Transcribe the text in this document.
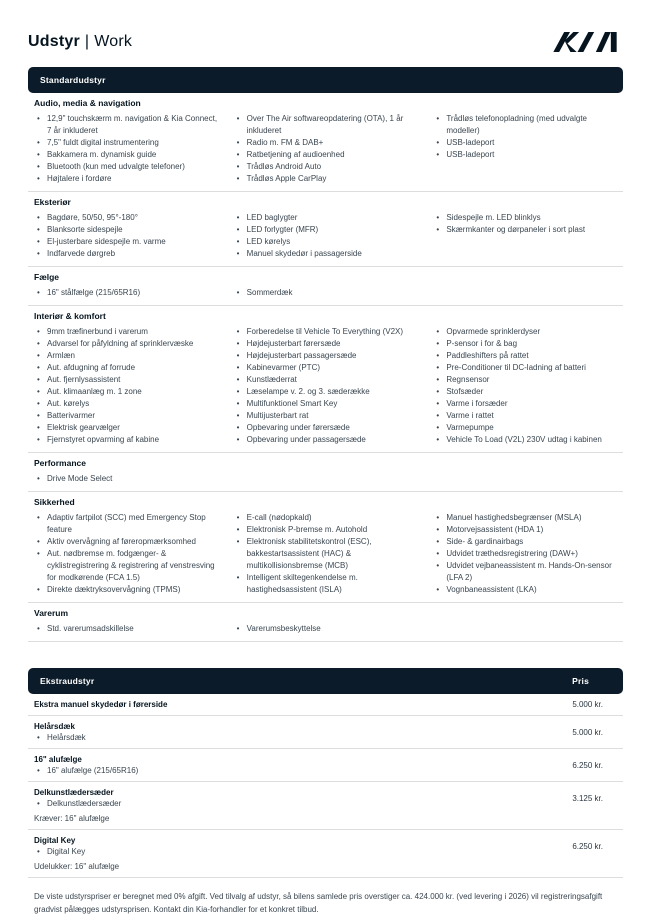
Udstyr | Work
Standardudstyr
Audio, media & navigation
• 12,9" touchskærm m. navigation & Kia Connect, 7 år inkluderet
• 7,5" fuldt digital instrumentering
• Bakkamera m. dynamisk guide
• Bluetooth (kun med udvalgte telefoner)
• Højtalere i fordøre
• Over The Air softwareopdatering (OTA), 1 år inkluderet
• Radio m. FM & DAB+
• Ratbetjening af audioenhed
• Trådløs Android Auto
• Trådløs Apple CarPlay
• Trådløs telefonopladning (med udvalgte modeller)
• USB-ladeport
• USB-ladeport
Eksteriør
• Bagdøre, 50/50, 95°-180°
• Blanksorte sidespejle
• El-justerbare sidespejle m. varme
• Indfarvede dørgreb
• LED baglygter
• LED forlygter (MFR)
• LED kørelys
• Manuel skydedør i passagerside
• Sidespejle m. LED blinklys
• Skærmkanter og dørpaneler i sort plast
Fælge
• 16" stålfælge (215/65R16)	• Sommerdæk
Interiør & komfort
• 9mm træfinerbund i varerum
• Advarsel for påfyldning af sprinklervæske
• Armlæn
• Aut. afdugning af forrude
• Aut. fjernlysassistent
• Aut. klimaanlæg m. 1 zone
• Aut. kørelys
• Batterivarmer
• Elektrisk gearvælger
• Fjernstyret opvarming af kabine
• Forberedelse til Vehicle To Everything (V2X)
• Højdejusterbart førersæde
• Højdejusterbart passagersæde
• Kabinevarmer (PTC)
• Kunstlæderrat
• Læselampe v. 2. og 3. sæderække
• Multifunktionel Smart Key
• Multijusterbart rat
• Opbevaring under førersæde
• Opbevaring under passagersæde
• Opvarmede sprinklerdyser
• P-sensor i for & bag
• Paddleshifters på rattet
• Pre-Conditioner til DC-ladning af batteri
• Regnsensor
• Stofsæder
• Varme i forsæder
• Varme i rattet
• Varmepumpe
• Vehicle To Load (V2L) 230V udtag i kabinen
Performance
• Drive Mode Select
Sikkerhed
• Adaptiv fartpilot (SCC) med Emergency Stop feature
• Aktiv overvågning af føreropmærksomhed
• Aut. nødbremse m. fodgænger- & cyklistregistrering & registrering af venstresving for modkørende (FCA 1.5)
• Direkte dæktryksovervågning (TPMS)
• E-call (nødopkald)
• Elektronisk P-bremse m. Autohold
• Elektronisk stabilitetskontrol (ESC), bakkestartsassistent (HAC) & multikollisionsbremse (MCB)
• Intelligent skiltegenkendelse m. hastighedsassistent (ISLA)
• Manuel hastighedsbegrænser (MSLA)
• Motorvejsassistent (HDA 1)
• Side- & gardinairbags
• Udvidet træthedsregistrering (DAW+)
• Udvidet vejbaneassistent m. Hands-On-sensor (LFA 2)
• Vognbaneassistent (LKA)
Varerum
• Std. varerumsadskillelse	• Varerumsbeskyttelse
Ekstraudstyr	Pris
Ekstra manuel skydedør i førerside	5.000 kr.
Helårsdæk
• Helårsdæk
5.000 kr.
16" alufælge
• 16" alufælge (215/65R16)
6.250 kr.
Delkunstlædersæder
• Delkunstlædersæder
3.125 kr.
Kræver: 16" alufælge
Digital Key
• Digital Key
6.250 kr.
Udelukker: 16" alufælge

De viste udstyrspriser er beregnet med 0% afgift. Ved tilvalg af udstyr, så bilens samlede pris overstiger ca. 424.000 kr. (ved levering i 2026) vil registreringsafgift gradvist pålægges udstyrsprisen. Kontakt din Kia-forhandler for et konkret tilbud.
